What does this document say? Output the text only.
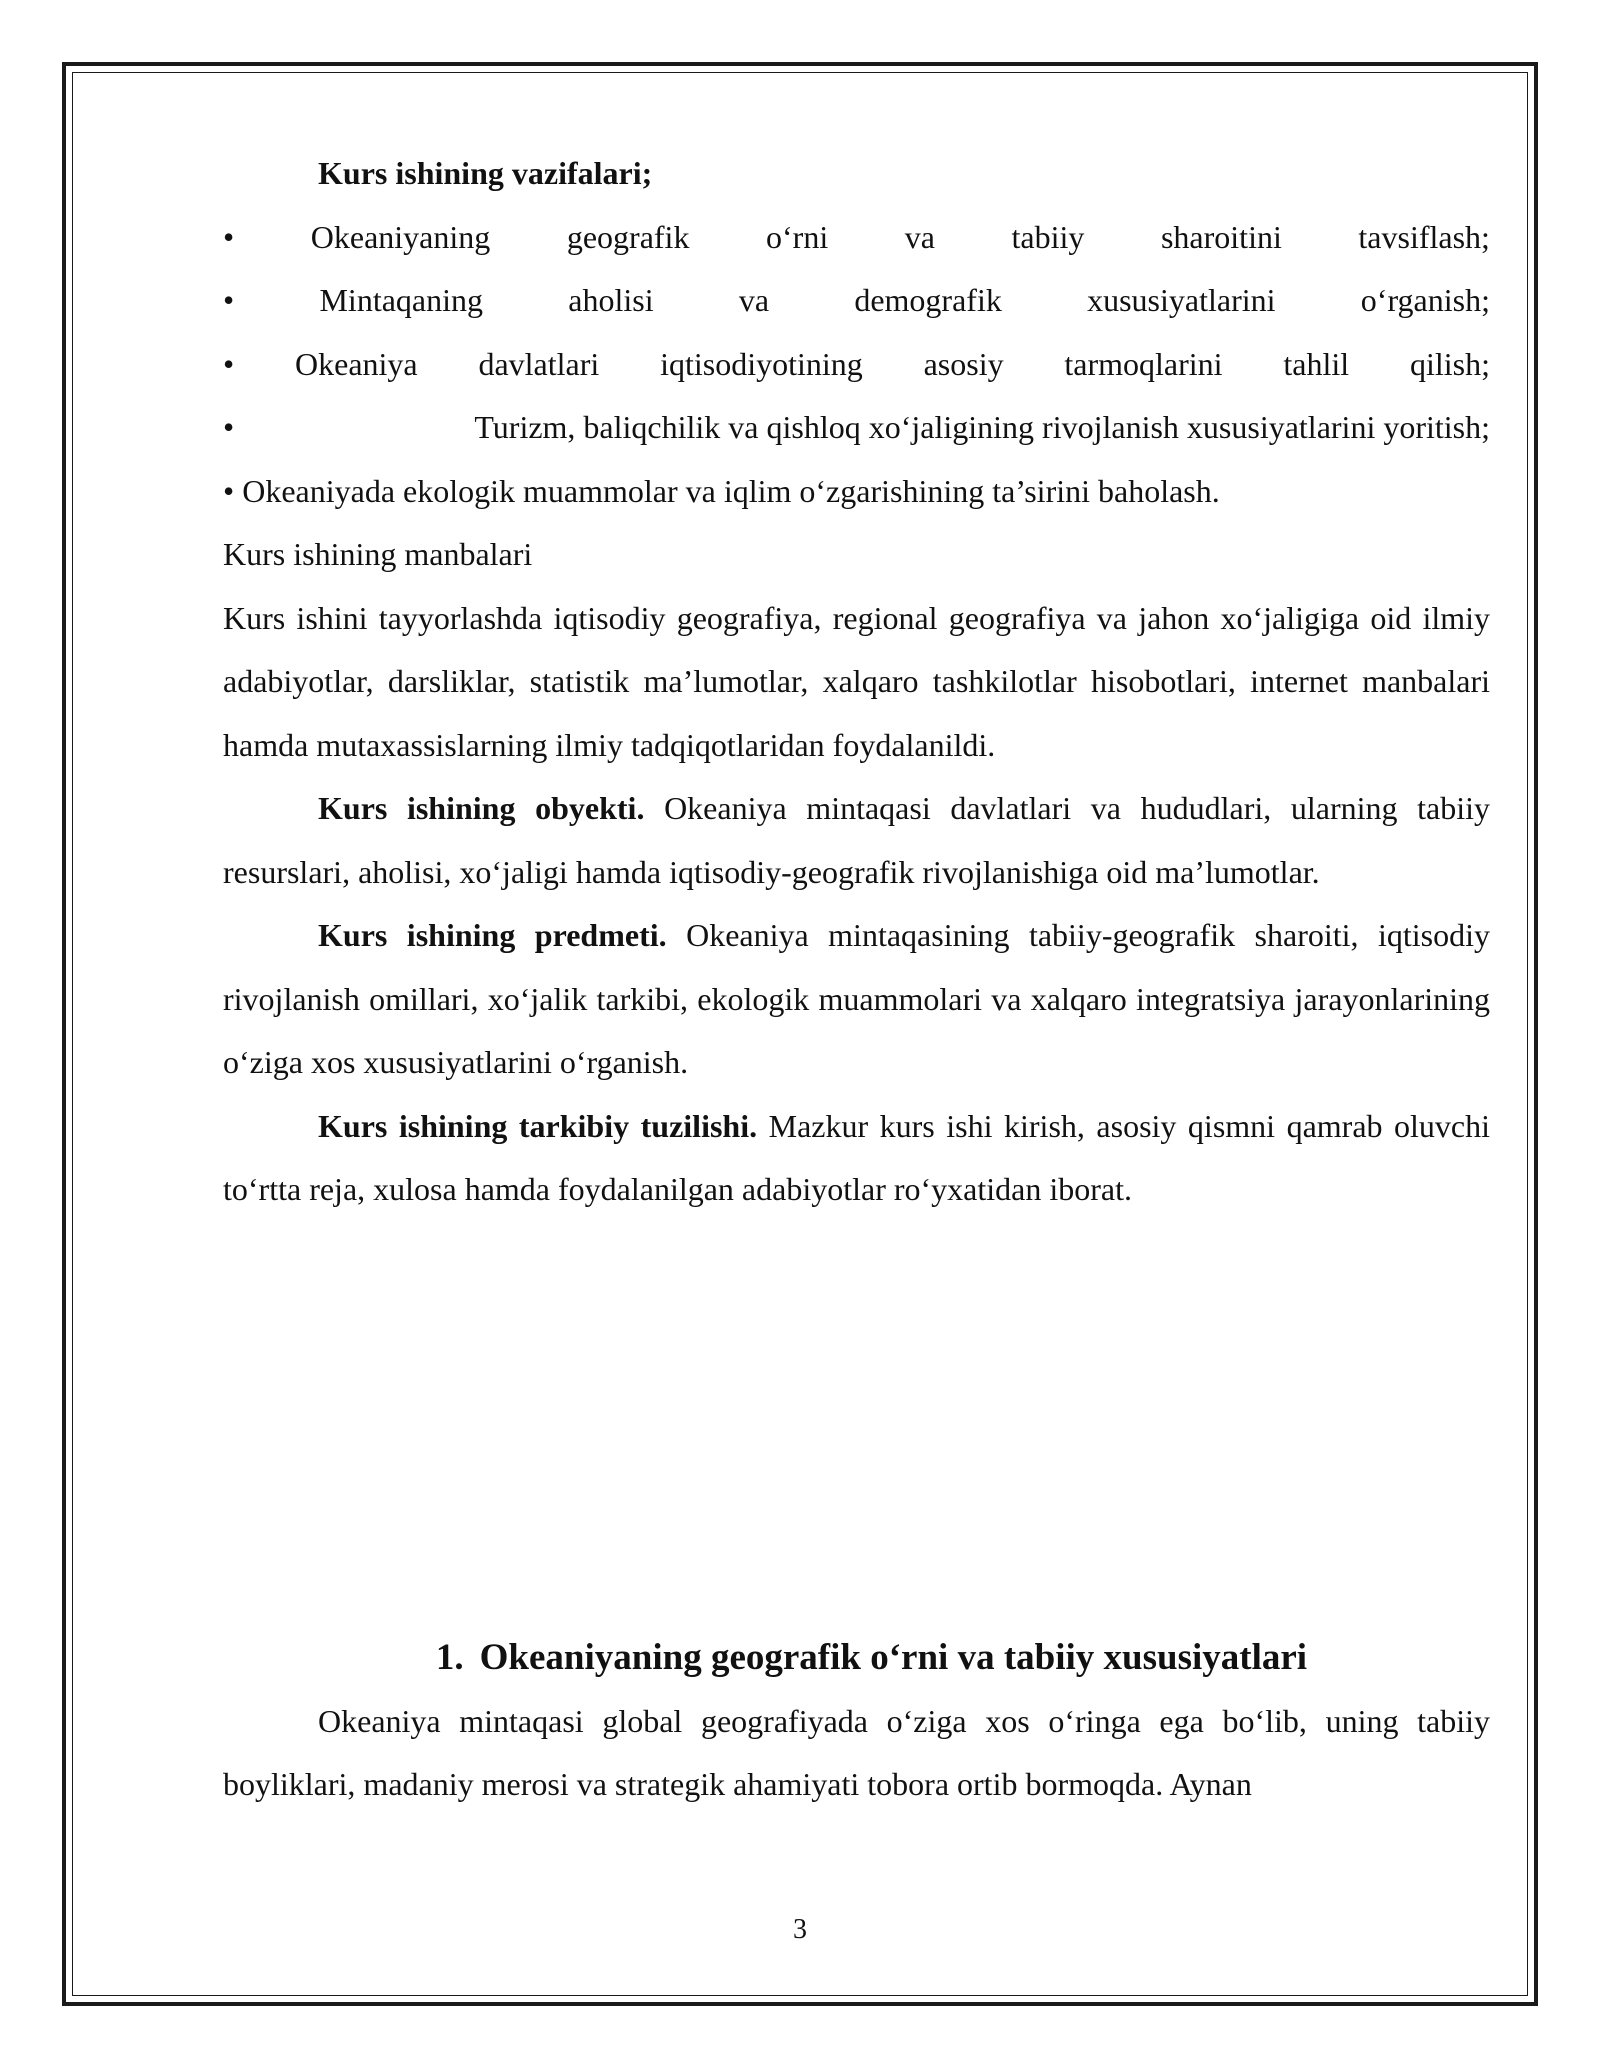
Kurs ishining vazifalari;

• Okeaniyaning geografik o‘rni va tabiiy sharoitini tavsiflash;
•	Mintaqaning	aholisi	va	demografik	xususiyatlarini	o‘rganish;
• Okeaniya davlatlari iqtisodiyotining asosiy tarmoqlarini tahlil qilish;
•	Turizm, baliqchilik va qishloq xo‘jaligining rivojlanish xususiyatlarini yoritish;

• Okeaniyada ekologik muammolar va iqlim o‘zgarishining ta’sirini baholash.

Kurs ishining manbalari

Kurs ishini tayyorlashda iqtisodiy geografiya, regional geografiya va jahon xo‘jaligiga oid ilmiy adabiyotlar, darsliklar, statistik ma’lumotlar, xalqaro tashkilotlar hisobotlari, internet manbalari hamda mutaxassislarning ilmiy tadqiqotlaridan foydalanildi.

Kurs ishining obyekti. Okeaniya mintaqasi davlatlari va hududlari, ularning tabiiy resurslari, aholisi, xo‘jaligi hamda iqtisodiy-geografik rivojlanishiga oid ma’lumotlar.

Kurs ishining predmeti. Okeaniya mintaqasining tabiiy-geografik sharoiti, iqtisodiy rivojlanish omillari, xo‘jalik tarkibi, ekologik muammolari va xalqaro integratsiya jarayonlarining o‘ziga xos xususiyatlarini o‘rganish.

Kurs ishining tarkibiy tuzilishi. Mazkur kurs ishi kirish, asosiy qismni qamrab oluvchi to‘rtta reja, xulosa hamda foydalanilgan adabiyotlar ro‘yxatidan iborat.

1. Okeaniyaning geografik o‘rni va tabiiy xususiyatlari

Okeaniya mintaqasi global geografiyada o‘ziga xos o‘ringa ega bo‘lib, uning tabiiy boyliklari, madaniy merosi va strategik ahamiyati tobora ortib bormoqda. Aynan

3
